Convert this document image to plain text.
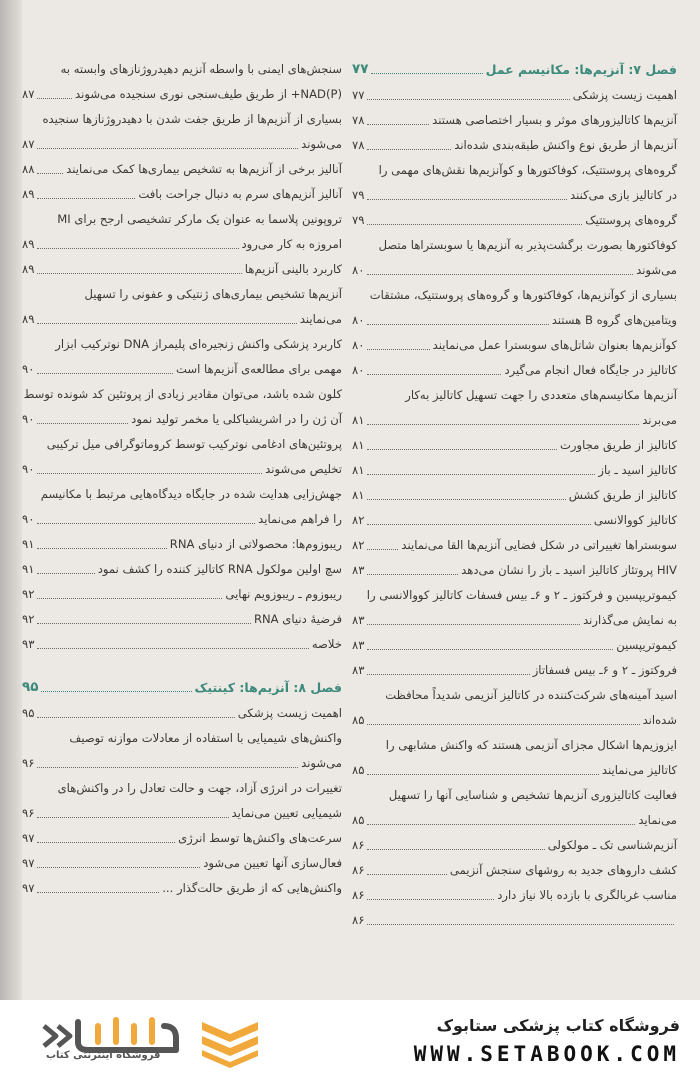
فصل ۷: آنزیم‌ها: مکانیسم عمل
۷۷
اهمیت زیست پزشکی
۷۷
آنزیم‌ها کاتالیزورهای موثر و بسیار اختصاصی هستند
۷۸
آنزیم‌ها از طریق نوع واکنش طبقه‌بندی شده‌اند
۷۸
گروه‌های پروستتیک، کوفاکتورها و کوآنزیم‌ها نقش‌های مهمی را
در کاتالیز بازی می‌کنند
۷۹
گروه‌های پروستتیک
۷۹
کوفاکتورها بصورت برگشت‌پذیر به آنزیم‌ها یا سوبستراها متصل
می‌شوند
۸۰
بسیاری از کوآنزیم‌ها، کوفاکتورها و گروه‌های پروستتیک، مشتقات
ویتامین‌های گروه B هستند
۸۰
کوآنزیم‌ها بعنوان شاتل‌های سوبسترا عمل می‌نمایند
۸۰
کاتالیز در جایگاه فعال انجام می‌گیرد
۸۰
آنزیم‌ها مکانیسم‌های متعددی را جهت تسهیل کاتالیز به‌کار
می‌برند
۸۱
کاتالیز از طریق مجاورت
۸۱
کاتالیز اسید ـ باز
۸۱
کاتالیز از طریق کشش
۸۱
کاتالیز کووالانسی
۸۲
سوبستراها تغییراتی در شکل فضایی آنزیم‌ها القا می‌نمایند
۸۲
HIV پروتئاز کاتالیز اسید ـ باز را نشان می‌دهد
۸۳
کیموتریپسین و فرکتوز ـ ۲ و ۶ـ بیس فسفات کاتالیز کووالانسی را
به نمایش می‌گذارند
۸۳
کیموتریپسین
۸۳
فروکتوز ـ ۲ و ۶ـ بیس فسفاتاز
۸۳
اسید آمینه‌های شرکت‌کننده در کاتالیز آنزیمی شدیداً محافظت
شده‌اند
۸۵
ایزوزیم‌ها اشکال مجزای آنزیمی هستند که واکنش مشابهی را
کاتالیز می‌نمایند
۸۵
فعالیت کاتالیزوری آنزیم‌ها تشخیص و شناسایی آنها را تسهیل
می‌نماید
۸۵
آنزیم‌شناسی تک ـ مولکولی
۸۶
کشف داروهای جدید به روشهای سنجش آنزیمی
۸۶
مناسب غربالگری با بازده بالا نیاز دارد
۸۶
۸۶
سنجش‌های ایمنی با واسطه آنزیم دهیدروژنازهای وابسته به
NAD(P)+ از طریق طیف‌سنجی نوری سنجیده می‌شوند
۸۷
بسیاری از آنزیم‌ها از طریق جفت شدن با دهیدروژنازها سنجیده
می‌شوند
۸۷
آنالیز برخی از آنزیم‌ها به تشخیص بیماری‌ها کمک می‌نمایند
۸۸
آنالیز آنزیم‌های سرم به دنبال جراحت بافت
۸۹
تروپونین پلاسما به عنوان یک مارکر تشخیصی ارجح برای MI
امروزه به کار می‌رود
۸۹
کاربرد بالینی آنزیم‌ها
۸۹
آنزیم‌ها تشخیص بیماری‌های ژنتیکی و عفونی را تسهیل
می‌نمایند
۸۹
کاربرد پزشکی واکنش زنجیره‌ای پلیمراز DNA نوترکیب ابزار
مهمی برای مطالعه‌ی آنزیم‌ها است
۹۰
کلون شده باشد، می‌توان مقادیر زیادی از پروتئین کد شونده توسط
آن ژن را در اشریشیاکلی یا مخمر تولید نمود
۹۰
پروتئین‌های ادغامی نوترکیب توسط کروماتوگرافی میل ترکیبی
تخلیص می‌شوند
۹۰
جهش‌زایی هدایت شده در جایگاه دیدگاه‌هایی مرتبط با مکانیسم
را فراهم می‌نماید
۹۰
ریبوزوم‌ها: محصولاتی از دنیای RNA
۹۱
سچ اولین مولکول RNA کاتالیز کننده را کشف نمود
۹۱
ریبوزوم ـ ریبوزویم نهایی
۹۲
فرضیهٔ دنیای RNA
۹۲
خلاصه
۹۳
فصل ۸: آنزیم‌ها: کینتیک
۹۵
اهمیت زیست پزشکی
۹۵
واکنش‌های شیمیایی با استفاده از معادلات موازنه توصیف
می‌شوند
۹۶
تغییرات در انرژی آزاد، جهت و حالت تعادل را در واکنش‌های
شیمیایی تعیین می‌نماید
۹۶
سرعت‌های واکنش‌ها توسط انرژی
۹۷
فعال‌سازی آنها تعیین می‌شود
۹۷
واکنش‌هایی که از طریق حالت‌گذار ...
۹۷
فروشگاه اینترنتی کتاب
فروشگاه کتاب پزشکی ستابوک
WWW.SETABOOK.COM
